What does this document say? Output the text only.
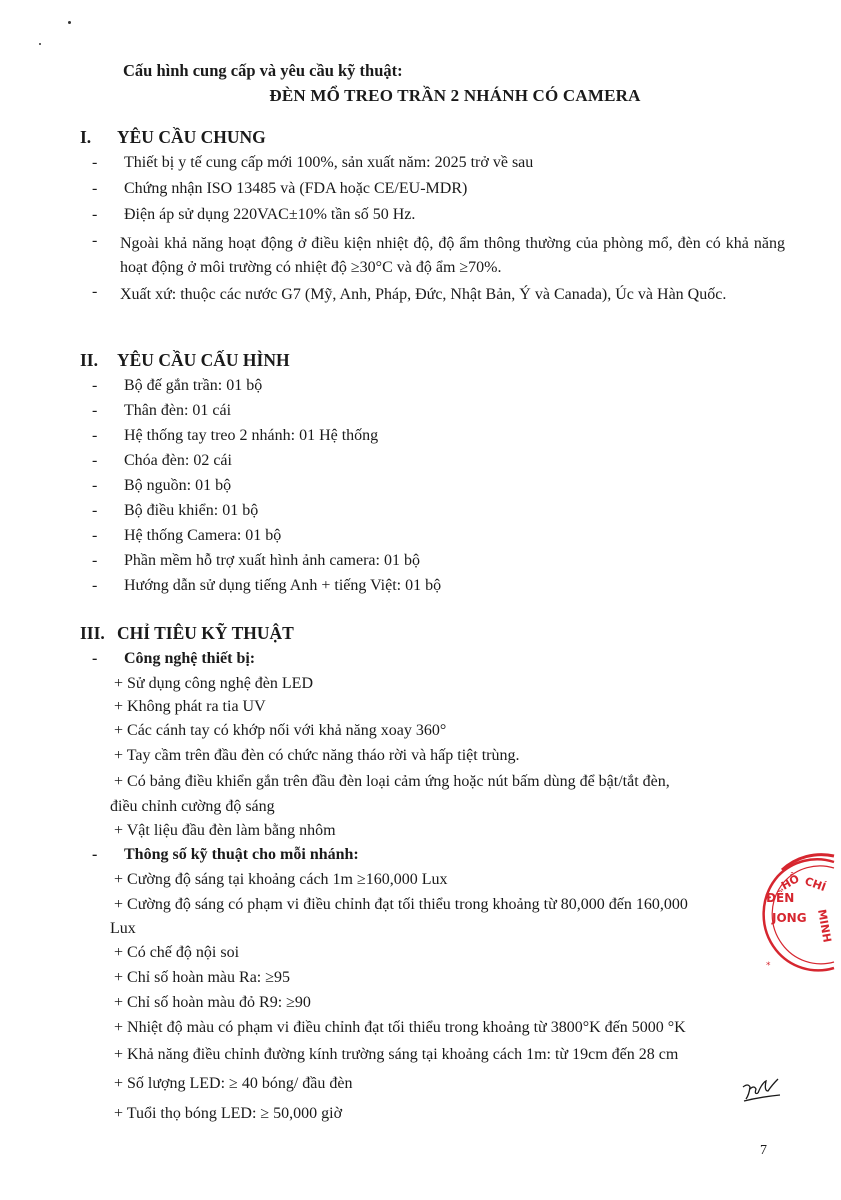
Cấu hình cung cấp và yêu cầu kỹ thuật:
ĐÈN MỔ TREO TRẦN 2 NHÁNH CÓ CAMERA
I.	YÊU CẦU CHUNG
-	Thiết bị y tế cung cấp mới 100%, sản xuất năm: 2025 trở về sau
-	Chứng nhận ISO 13485 và (FDA hoặc CE/EU-MDR)
-	Điện áp sử dụng 220VAC±10% tần số 50 Hz.
-	Ngoài khả năng hoạt động ở điều kiện nhiệt độ, độ ẩm thông thường của phòng mổ, đèn có khả năng hoạt động ở môi trường có nhiệt độ ≥30°C và độ ẩm ≥70%.
-	Xuất xứ: thuộc các nước G7 (Mỹ, Anh, Pháp, Đức, Nhật Bản, Ý và Canada), Úc và Hàn Quốc.
II.	YÊU CẦU CẤU HÌNH
-	Bộ đế gắn trần: 01 bộ
-	Thân đèn: 01 cái
-	Hệ thống tay treo 2 nhánh: 01 Hệ thống
-	Chóa đèn: 02 cái
-	Bộ nguồn: 01 bộ
-	Bộ điều khiển: 01 bộ
-	Hệ thống Camera: 01 bộ
-	Phần mềm hỗ trợ xuất hình ảnh camera: 01 bộ
-	Hướng dẫn sử dụng tiếng Anh + tiếng Việt: 01 bộ
III. CHỈ TIÊU KỸ THUẬT
-	Công nghệ thiết bị:
+ Sử dụng công nghệ đèn LED
+ Không phát ra tia UV
+ Các cánh tay có khớp nối với khả năng xoay 360°
+ Tay cầm trên đầu đèn có chức năng tháo rời và hấp tiệt trùng.
+ Có bảng điều khiển gắn trên đầu đèn loại cảm ứng hoặc nút bấm dùng để bật/tắt đèn,
điều chỉnh cường độ sáng
+ Vật liệu đầu đèn làm bằng nhôm
-	Thông số kỹ thuật cho mỗi nhánh:
+ Cường độ sáng tại khoảng cách 1m ≥160,000 Lux
+ Cường độ sáng có phạm vi điều chỉnh đạt tối thiểu trong khoảng từ 80,000 đến 160,000
Lux
+ Có chế độ nội soi
+ Chỉ số hoàn màu Ra: ≥95
+ Chỉ số hoàn màu đỏ R9: ≥90
+ Nhiệt độ màu có phạm vi điều chỉnh đạt tối thiểu trong khoảng từ 3800°K đến 5000 °K
+ Khả năng điều chỉnh đường kính trường sáng tại khoảng cách 1m: từ 19cm đến 28 cm
+ Số lượng LED: ≥ 40 bóng/ đầu đèn
+ Tuổi thọ bóng LED: ≥ 50,000 giờ
HỒ CHÍ
MINH
ĐỀN
JONG
*
7
